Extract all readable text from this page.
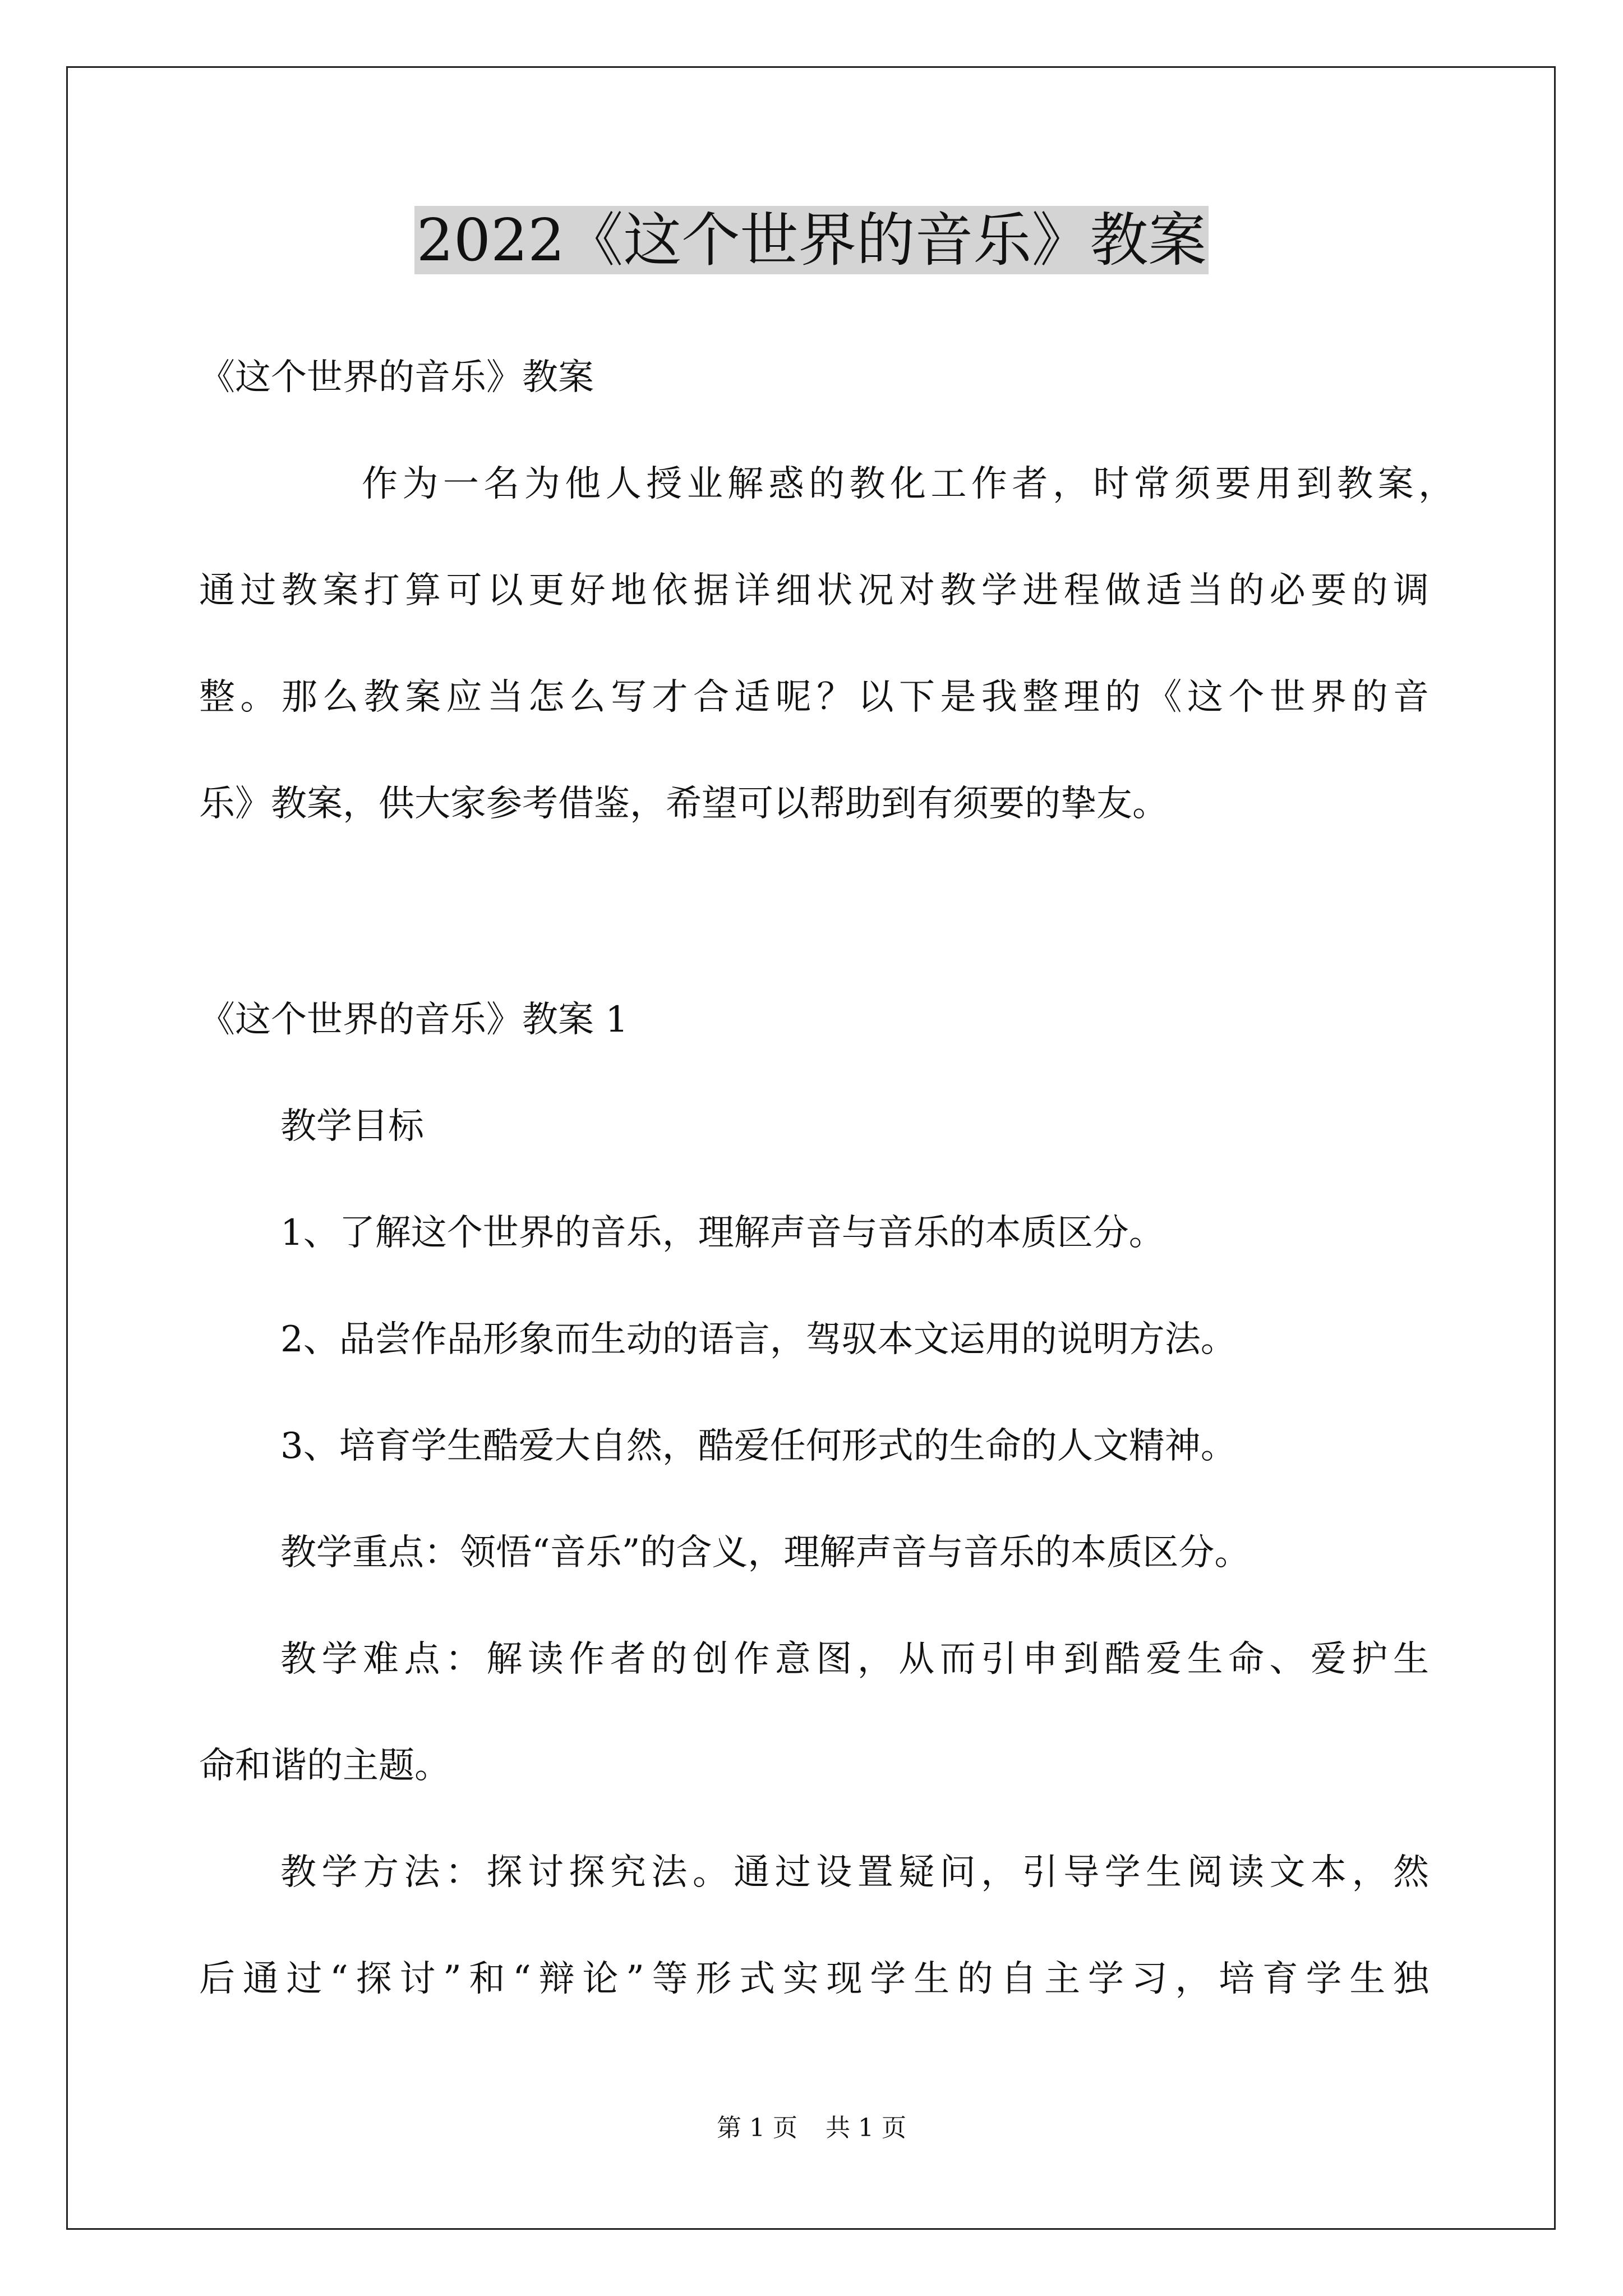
2022《这个世界的音乐》教案

《这个世界的音乐》教案

作为一名为他人授业解惑的教化工作者，时常须要用到教案，

通过教案打算可以更好地依据详细状况对教学进程做适当的必要的调

整。那么教案应当怎么写才合适呢？以下是我整理的《这个世界的音

乐》教案，供大家参考借鉴，希望可以帮助到有须要的挚友。

《这个世界的音乐》教案 1

教学目标

1、了解这个世界的音乐，理解声音与音乐的本质区分。

2、品尝作品形象而生动的语言，驾驭本文运用的说明方法。

3、培育学生酷爱大自然，酷爱任何形式的生命的人文精神。

教学重点：领悟“音乐”的含义，理解声音与音乐的本质区分。

教学难点：解读作者的创作意图，从而引申到酷爱生命、爱护生

命和谐的主题。

教学方法：探讨探究法。通过设置疑问，引导学生阅读文本，然

后通过“探讨”和“辩论”等形式实现学生的自主学习，培育学生独

第 1 页 共 1 页
